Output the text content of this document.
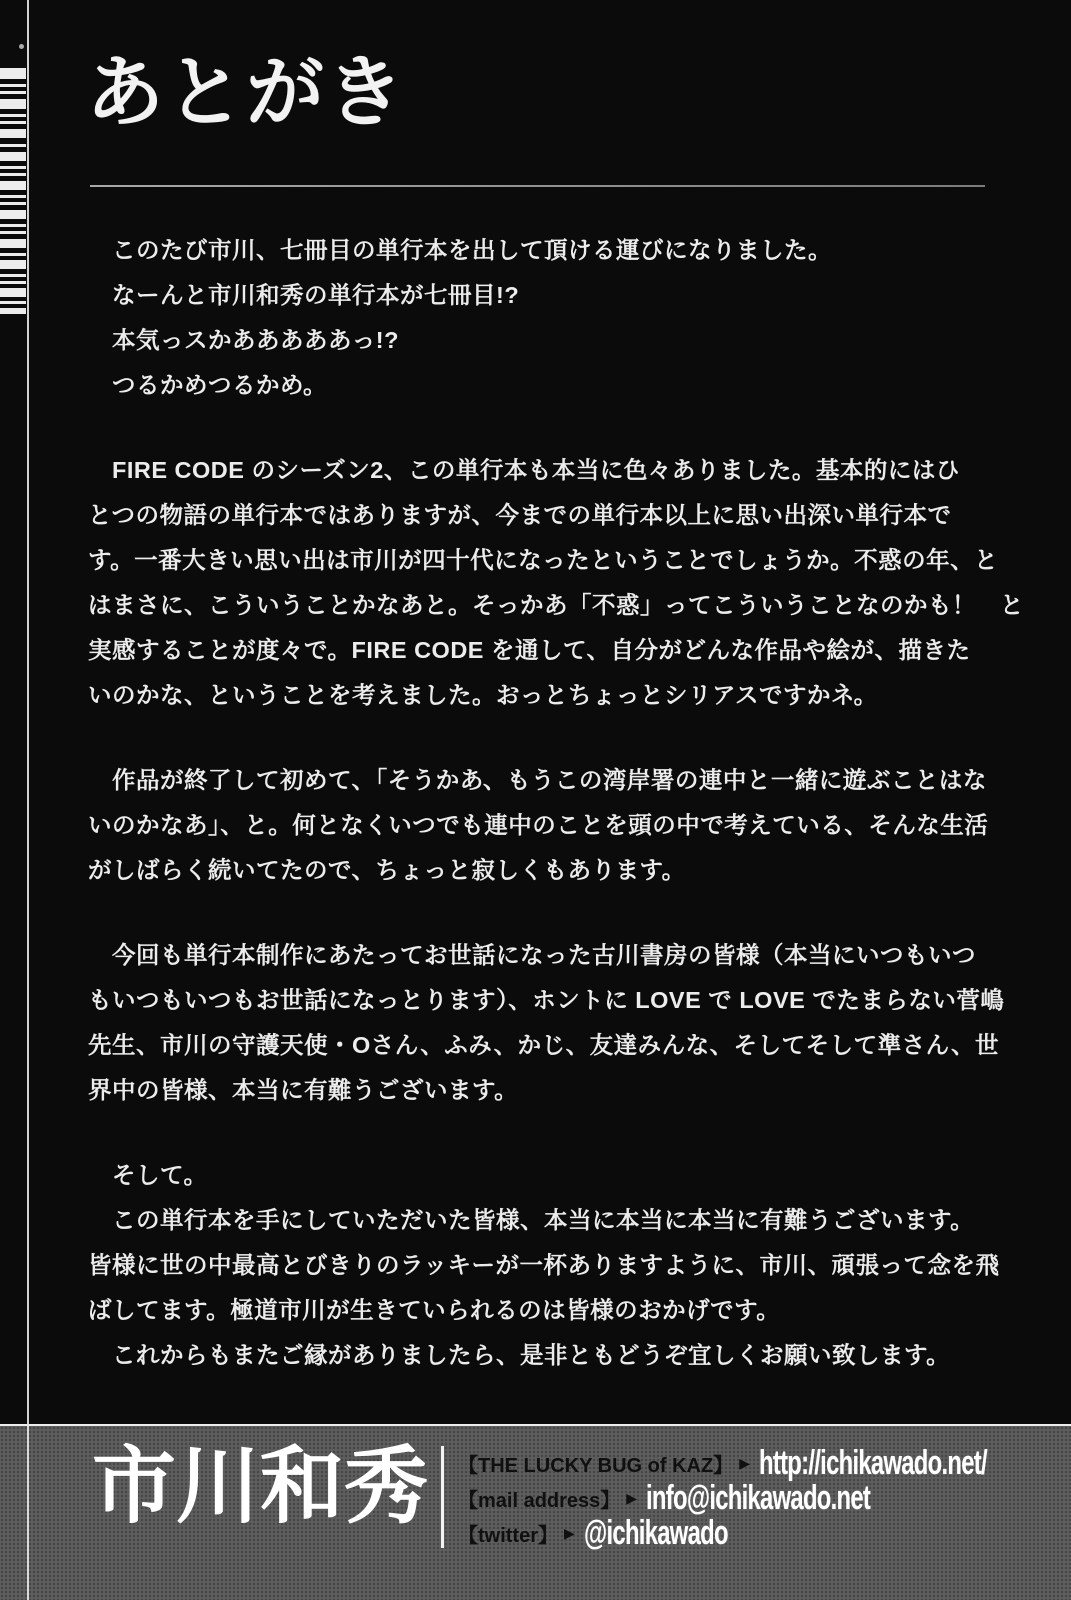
あとがき
　このたび市川、七冊目の単行本を出して頂ける運びになりました。
　なーんと市川和秀の単行本が七冊目!?
　本気っスかあああああっ!?
　つるかめつるかめ。
　FIRE CODE のシーズン2、この単行本も本当に色々ありました。基本的にはひ
とつの物語の単行本ではありますが、今までの単行本以上に思い出深い単行本で
す。一番大きい思い出は市川が四十代になったということでしょうか。不惑の年、と
はまさに、こういうことかなあと。そっかあ「不惑」ってこういうことなのかも！　と
実感することが度々で。FIRE CODE を通して、自分がどんな作品や絵が、描きた
いのかな、ということを考えました。おっとちょっとシリアスですかネ。
　作品が終了して初めて、「そうかあ、もうこの湾岸署の連中と一緒に遊ぶことはな
いのかなあ」、と。何となくいつでも連中のことを頭の中で考えている、そんな生活
がしばらく続いてたので、ちょっと寂しくもあります。
　今回も単行本制作にあたってお世話になった古川書房の皆様（本当にいつもいつ
もいつもいつもお世話になっとります）、ホントに LOVE で LOVE でたまらない菅嶋
先生、市川の守護天使・Oさん、ふみ、かじ、友達みんな、そしてそして準さん、世
界中の皆様、本当に有難うございます。
　そして。
　この単行本を手にしていただいた皆様、本当に本当に本当に有難うございます。
皆様に世の中最高とびきりのラッキーが一杯ありますように、市川、頑張って念を飛
ばしてます。極道市川が生きていられるのは皆様のおかげです。
　これからもまたご縁がありましたら、是非ともどうぞ宜しくお願い致します。
市川和秀 【THE LUCKY BUG of KAZ】 ▶ http://ichikawado.net/
【mail address】 ▶ info@ichikawado.net
【twitter】 ▶ @ichikawado
